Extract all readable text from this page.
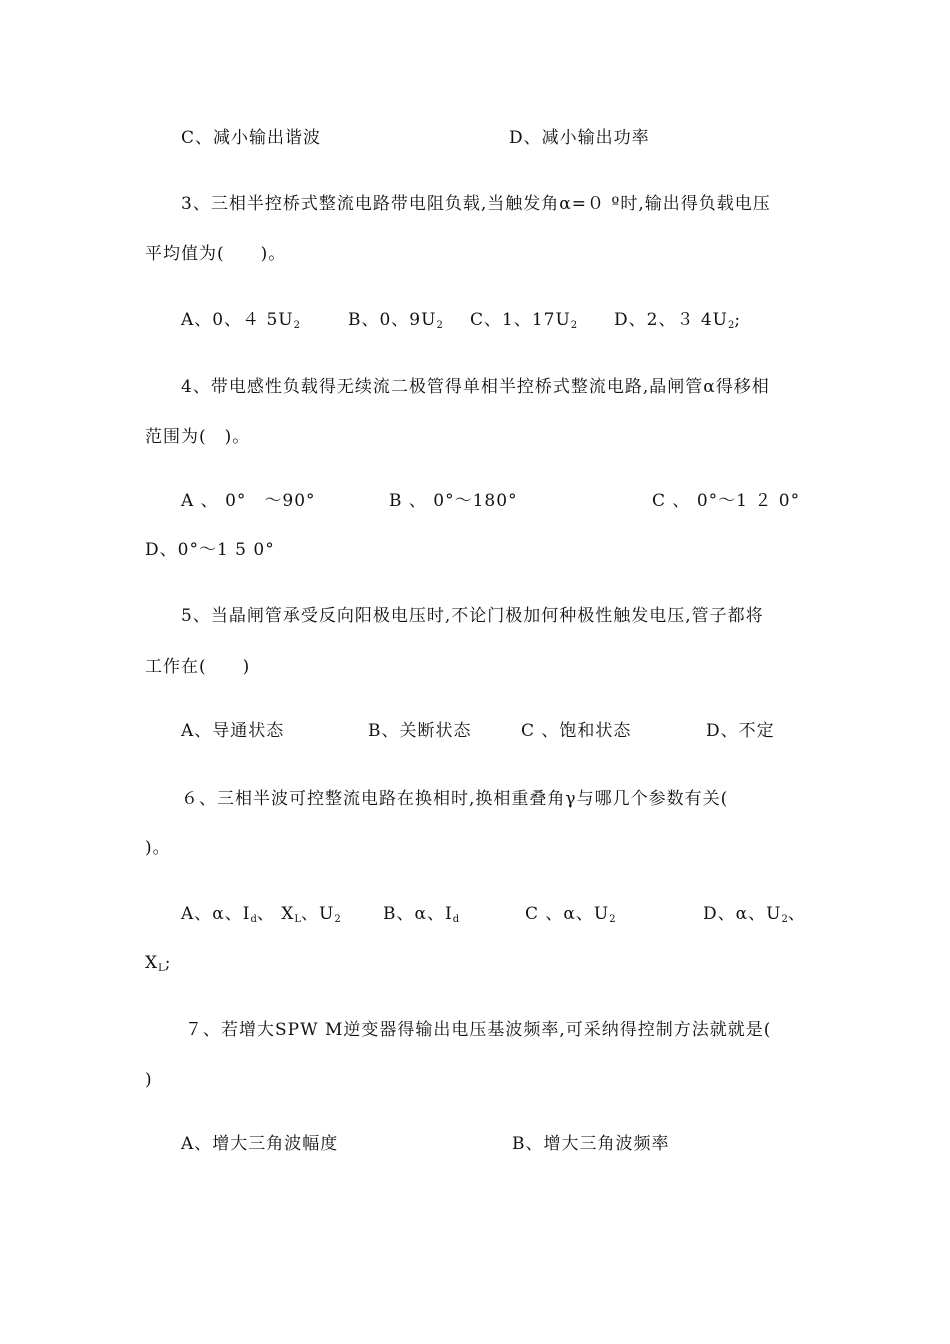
C、减小输出谐波	D、减小输出功率
3、三相半控桥式整流电路带电阻负载,当触发角α=０ º时,输出得负载电压
平均值为(　　)。
A、0、４ $5U_2$	B、0、$9U_2$ C、1、$17U_2$ D、2、３ $4U_2$;
4、带电感性负载得无续流二极管得单相半控桥式整流电路,晶闸管α得移相
范围为(　)。
A 、 0°　～90°	B 、 0°～180°	C 、 0°～1 ２ 0°
D、0°～1 5 0°
5、当晶闸管承受反向阳极电压时,不论门极加何种极性触发电压,管子都将
工作在(　　)
A、导通状态	B、关断状态	C 、饱和状态	D、不定
６、三相半波可控整流电路在换相时,换相重叠角γ与哪几个参数有关(
)。
A、α、$I_d$、 $X_L$、$U_2$ B、α、$I_d$	C 、α、$U_2$	D、α、$U_2$、
$X_L$;
７、若增大SPW M逆变器得输出电压基波频率,可采纳得控制方法就就是(
)
A、增大三角波幅度	B、增大三角波频率
